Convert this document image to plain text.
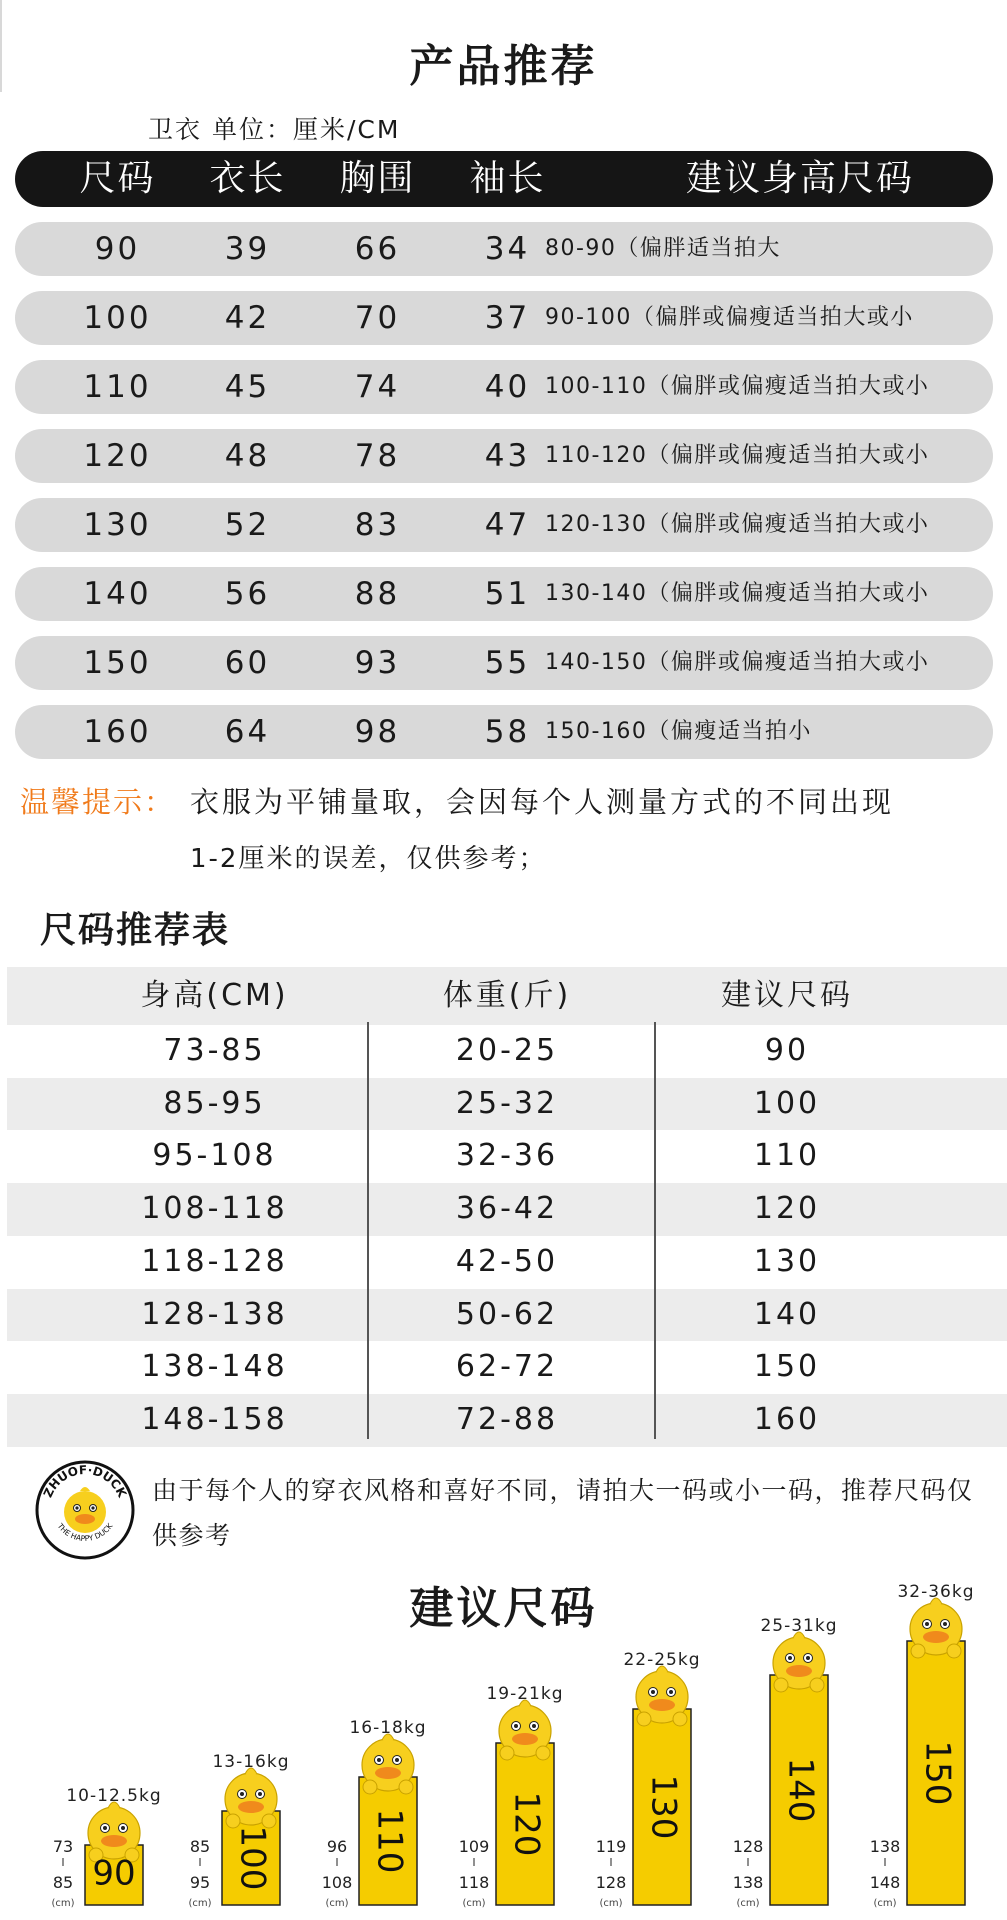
产品推荐
卫衣 单位：厘米/CM
尺码	衣长	胸围	袖长	建议身高尺码
90	39	66	34 80-90（偏胖适当拍大
100	42	70	37 90-100（偏胖或偏瘦适当拍大或小
110	45	74	40 100-110（偏胖或偏瘦适当拍大或小
120	48	78	43 110-120（偏胖或偏瘦适当拍大或小
130	52	83	47 120-130（偏胖或偏瘦适当拍大或小
140	56	88	51 130-140（偏胖或偏瘦适当拍大或小
150	60	93	55 140-150（偏胖或偏瘦适当拍大或小
160	64	98	58 150-160（偏瘦适当拍小
温馨提示： 衣服为平铺量取，会因每个人测量方式的不同出现
1-2厘米的误差，仅供参考；
尺码推荐表
身高(CM)	体重(斤)	建议尺码
73-85	20-25	90
85-95	25-32	100
95-108	32-36	110
108-118	36-42	120
118-128	42-50	130
128-138	50-62	140
138-148	62-72	150
148-158	72-88	160
ZHUOF·DUCK
THE HAPPY DUCK
由于每个人的穿衣风格和喜好不同，请拍大一码或小一码，推荐尺码仅供参考
建议尺码
90
10-12.5kg
73
85
(cm)
100
13-16kg
85
95
(cm)
110
16-18kg
96
108
(cm)
120
19-21kg
109
118
(cm)
130
22-25kg
119
128
(cm)
140
25-31kg
128
138
(cm)
150
32-36kg
138
148
(cm)
